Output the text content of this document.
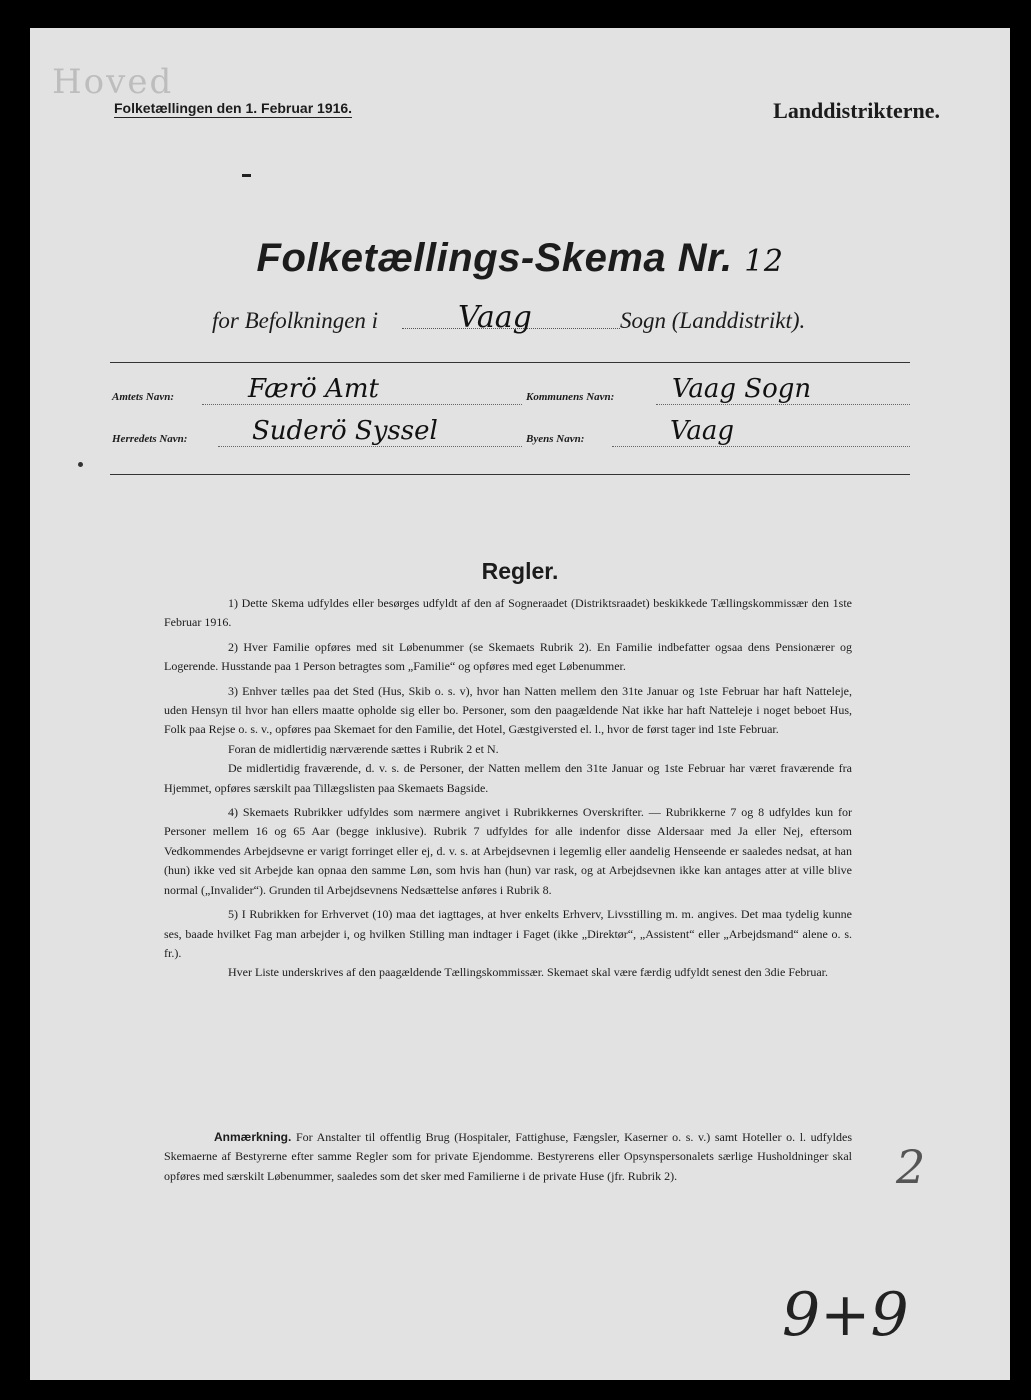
Hoved
Folketællingen den 1. Februar 1916.	Landdistrikterne.
Folketællings-Skema Nr. 12
for Befolkningen i	Vaag	Sogn (Landdistrikt).
Amtets Navn:	Færö Amt	Kommunens Navn: Vaag Sogn
Herredets Navn: Suderö Syssel	Byens Navn:	Vaag
Regler.

1) Dette Skema udfyldes eller besørges udfyldt af den af Sogneraadet (Distriktsraadet) beskikkede Tællingskommissær den 1ste Februar 1916.

2) Hver Familie opføres med sit Løbenummer (se Skemaets Rubrik 2). En Familie indbefatter ogsaa dens Pensionærer og Logerende. Husstande paa 1 Person betragtes som „Familie“ og opføres med eget Løbenummer.

3) Enhver tælles paa det Sted (Hus, Skib o. s. v), hvor han Natten mellem den 31te Januar og 1ste Februar har haft Natteleje, uden Hensyn til hvor han ellers maatte opholde sig eller bo. Personer, som den paagældende Nat ikke har haft Natteleje i noget beboet Hus, Folk paa Rejse o. s. v., opføres paa Skemaet for den Familie, det Hotel, Gæstgiversted el. l., hvor de først tager ind 1ste Februar.

Foran de midlertidig nærværende sættes i Rubrik 2 et N.

De midlertidig fraværende, d. v. s. de Personer, der Natten mellem den 31te Januar og 1ste Februar har været fraværende fra Hjemmet, opføres særskilt paa Tillægslisten paa Skemaets Bagside.

4) Skemaets Rubrikker udfyldes som nærmere angivet i Rubrikkernes Overskrifter. — Rubrikkerne 7 og 8 udfyldes kun for Personer mellem 16 og 65 Aar (begge inklusive). Rubrik 7 udfyldes for alle indenfor disse Aldersaar med Ja eller Nej, eftersom Vedkommendes Arbejdsevne er varigt forringet eller ej, d. v. s. at Arbejdsevnen i legemlig eller aandelig Henseende er saaledes nedsat, at han (hun) ikke ved sit Arbejde kan opnaa den samme Løn, som hvis han (hun) var rask, og at Arbejdsevnen ikke kan antages atter at ville blive normal („Invalider“). Grunden til Arbejdsevnens Nedsættelse anføres i Rubrik 8.

5) I Rubrikken for Erhvervet (10) maa det iagttages, at hver enkelts Erhverv, Livsstilling m. m. angives. Det maa tydelig kunne ses, baade hvilket Fag man arbejder i, og hvilken Stilling man indtager i Faget (ikke „Direktør“, „Assistent“ eller „Arbejdsmand“ alene o. s. fr.).

Hver Liste underskrives af den paagældende Tællingskommissær. Skemaet skal være færdig udfyldt senest den 3die Februar.

Anmærkning. For Anstalter til offentlig Brug (Hospitaler, Fattighuse, Fængsler, Kaserner o. s. v.) samt Hoteller o. l. udfyldes Skemaerne af Bestyrerne efter samme Regler som for private Ejendomme. Bestyrerens eller Opsynspersonalets særlige Husholdninger skal opføres med særskilt Løbenummer, saaledes som det sker med Familierne i de private Huse (jfr. Rubrik 2).	2
9+9
